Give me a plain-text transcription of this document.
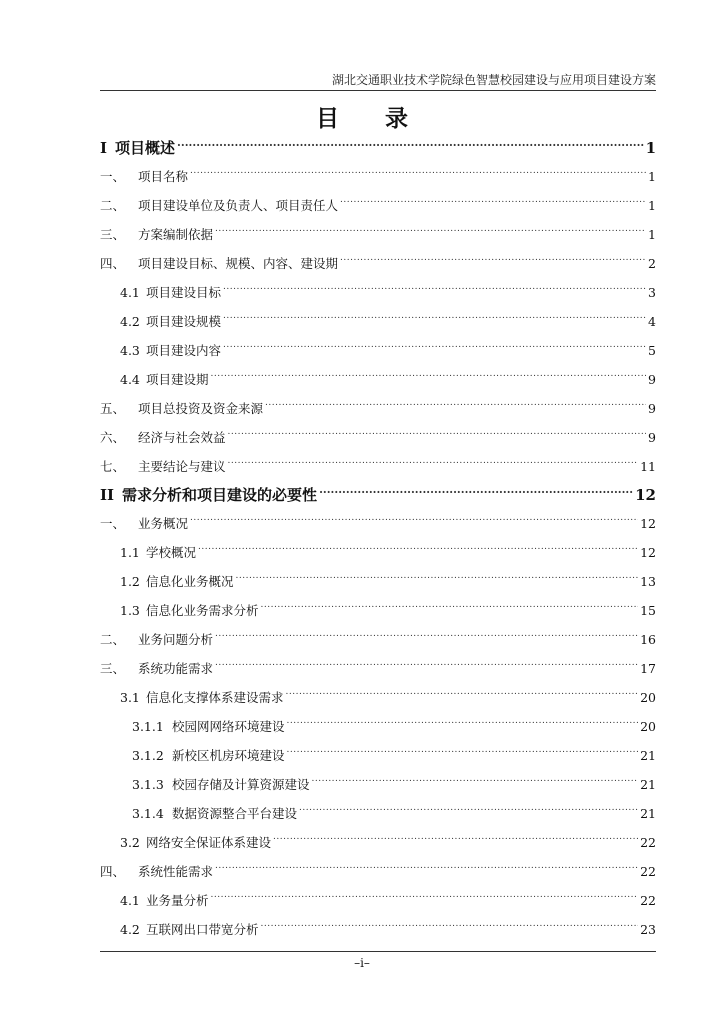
湖北交通职业技术学院绿色智慧校园建设与应用项目建设方案
目　　录
I 项目概述 .....	1
一、	项目名称 .....	1
二、	项目建设单位及负责人、项目责任人 .....	1
三、	方案编制依据 .....	1
四、	项目建设目标、规模、内容、建设期 .....	2
4.1 项目建设目标 .....	3
4.2 项目建设规模 .....	4
4.3 项目建设内容 .....	5
4.4 项目建设期 .....	9
五、	项目总投资及资金来源 .....	9
六、	经济与社会效益 .....	9
七、	主要结论与建议 .....	11
II 需求分析和项目建设的必要性 .....	12
一、	业务概况 .....	12
1.1 学校概况 .....	12
1.2 信息化业务概况 .....	13
1.3 信息化业务需求分析 .....	15
二、	业务问题分析 .....	16
三、	系统功能需求 .....	17
3.1 信息化支撑体系建设需求 .....	20
3.1.1 校园网网络环境建设 .....	20
3.1.2 新校区机房环境建设 .....	21
3.1.3 校园存储及计算资源建设 .....	21
3.1.4 数据资源整合平台建设 .....	21
3.2 网络安全保证体系建设 .....	22
四、	系统性能需求 .....	22
4.1 业务量分析 .....	22
4.2 互联网出口带宽分析 .....	23
–i–
